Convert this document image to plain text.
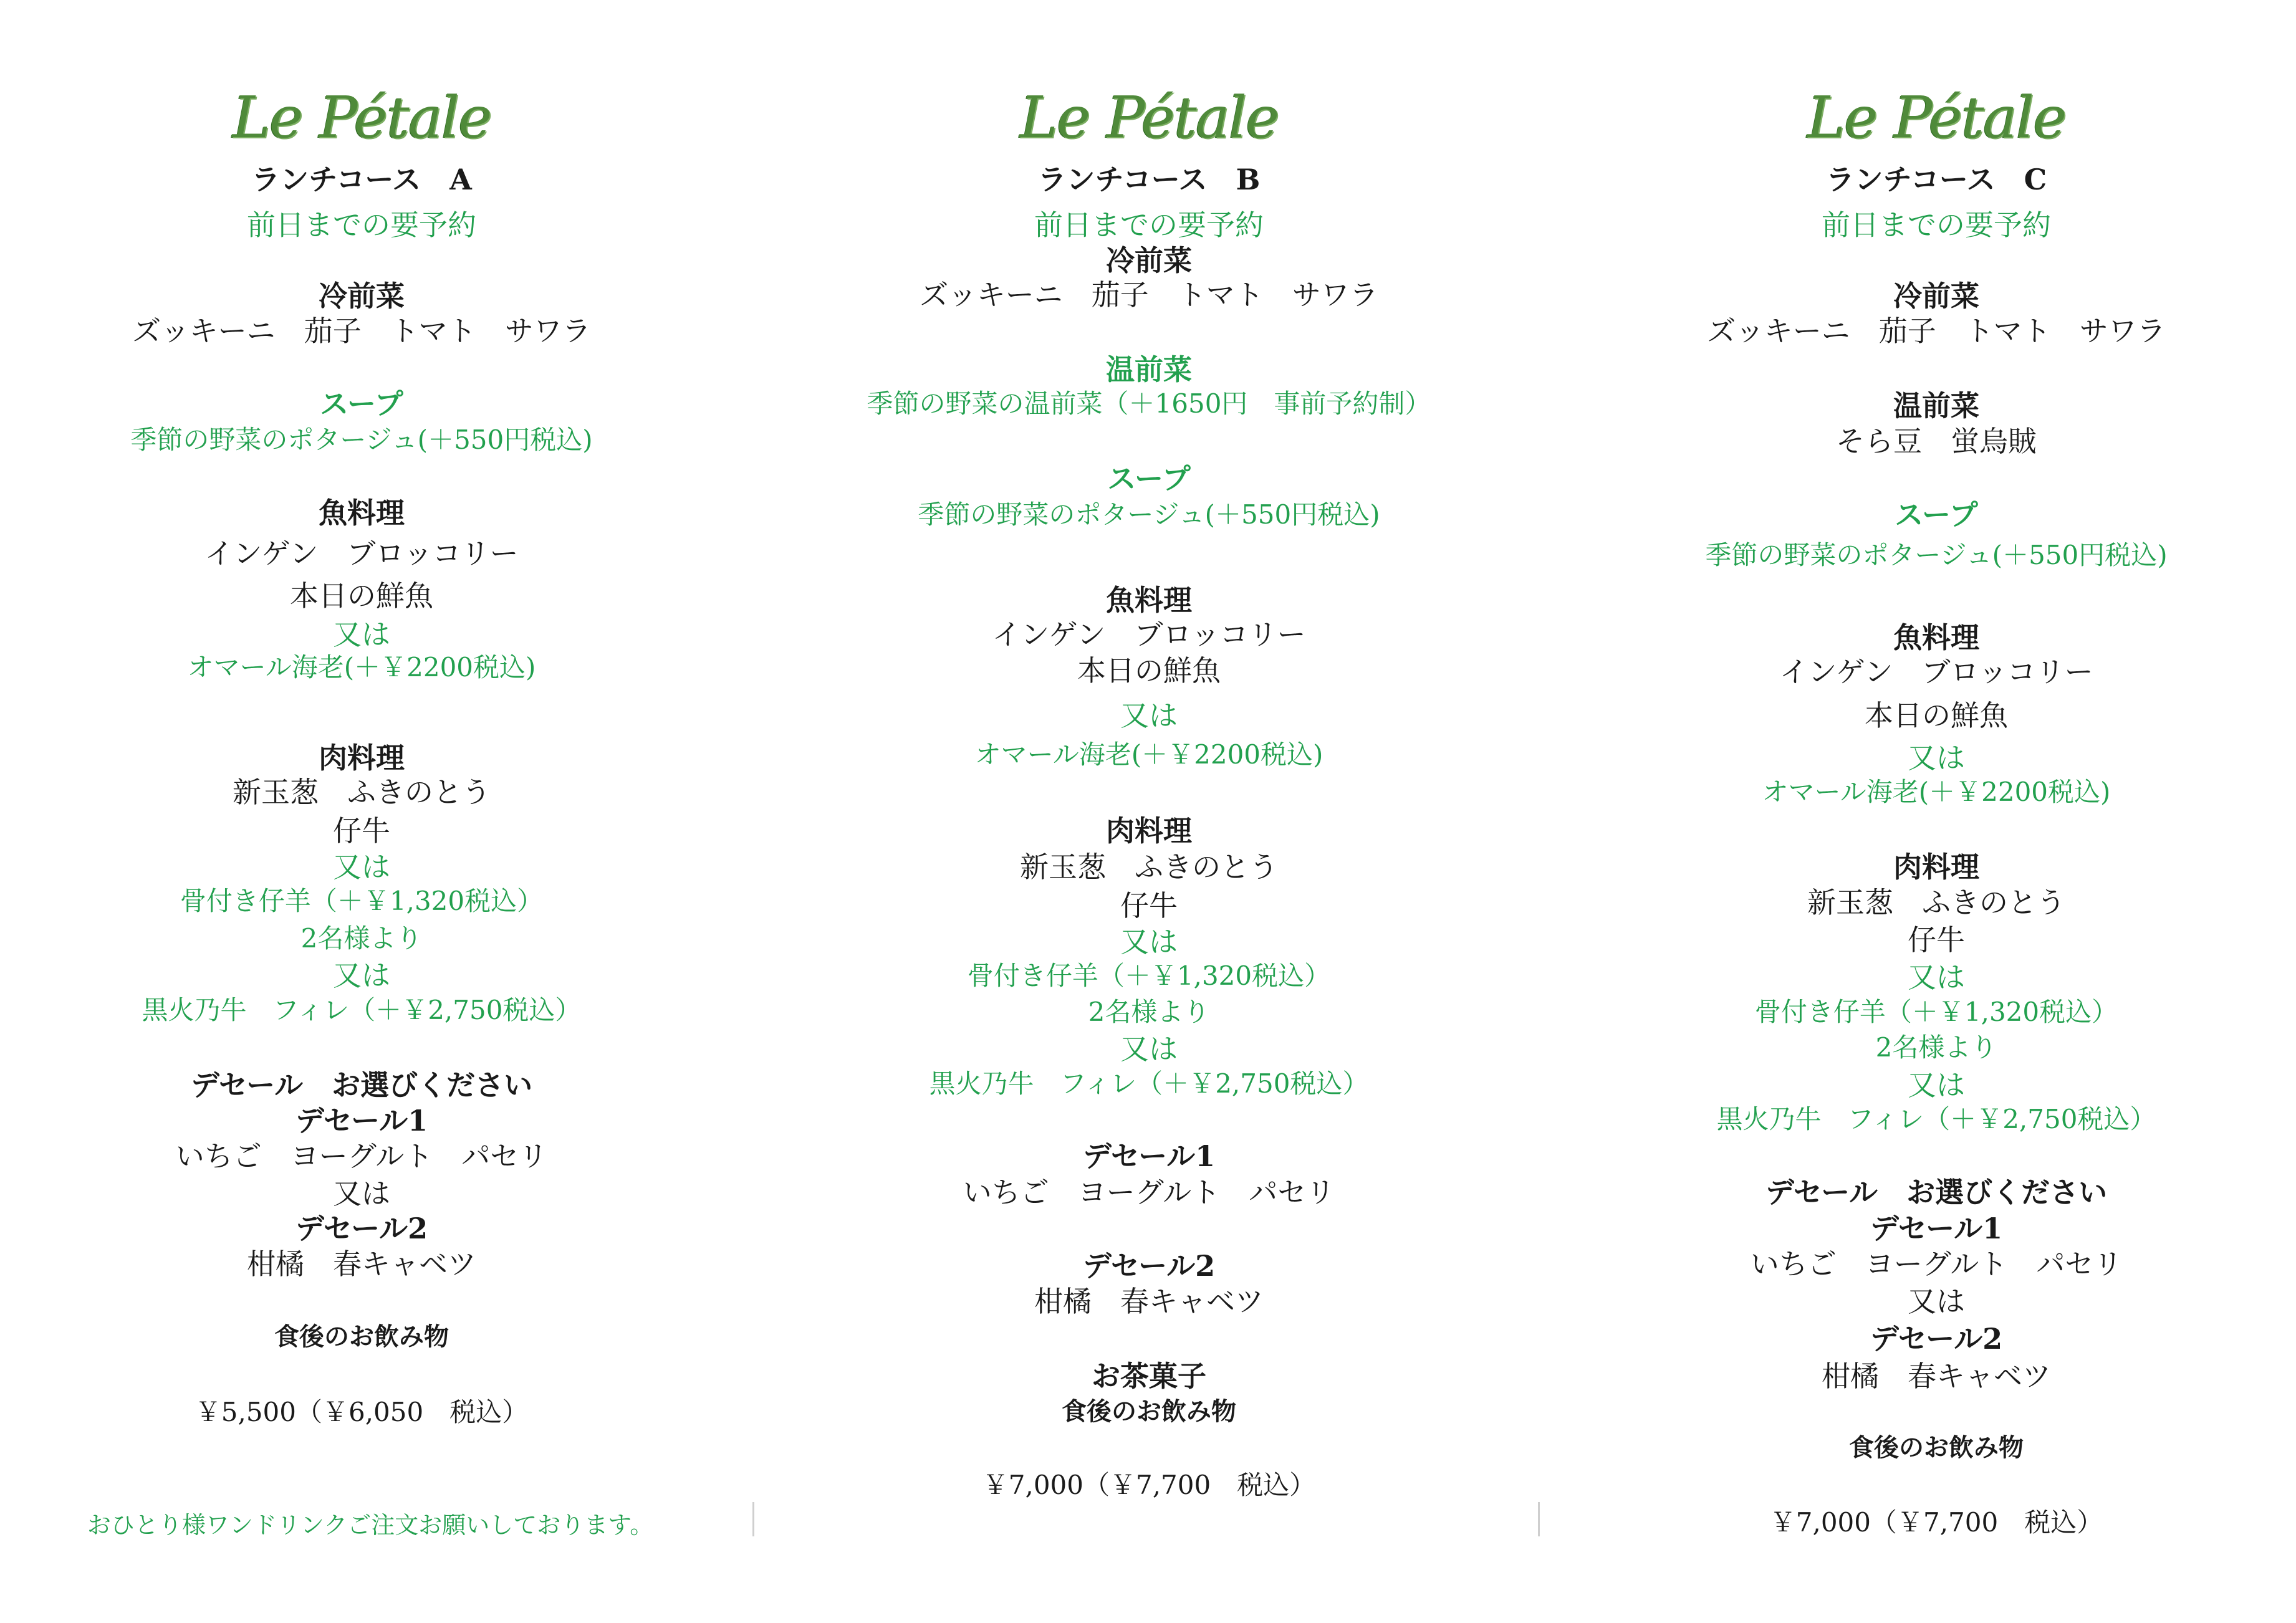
Le Pétale
ランチコース　A
前日までの要予約
冷前菜
ズッキーニ　茄子　トマト　サワラ
スープ
季節の野菜のポタージュ(＋550円税込)
魚料理
インゲン　ブロッコリー
本日の鮮魚
又は
オマール海老(＋￥2200税込)
肉料理
新玉葱　ふきのとう
仔牛
又は
骨付き仔羊（＋￥1,320税込）
2名様より
又は
黒火乃牛　フィレ（＋￥2,750税込）
デセール　お選びください
デセール1
いちご　ヨーグルト　パセリ
又は
デセール2
柑橘　春キャベツ
食後のお飲み物
￥5,500（￥6,050　税込）
Le Pétale
ランチコース　B
前日までの要予約
冷前菜
ズッキーニ　茄子　トマト　サワラ
温前菜
季節の野菜の温前菜（＋1650円　事前予約制）
スープ
季節の野菜のポタージュ(＋550円税込)
魚料理
インゲン　ブロッコリー
本日の鮮魚
又は
オマール海老(＋￥2200税込)
肉料理
新玉葱　ふきのとう
仔牛
又は
骨付き仔羊（＋￥1,320税込）
2名様より
又は
黒火乃牛　フィレ（＋￥2,750税込）
デセール1
いちご　ヨーグルト　パセリ
デセール2
柑橘　春キャベツ
お茶菓子
食後のお飲み物
￥7,000（￥7,700　税込）
Le Pétale
ランチコース　C
前日までの要予約
冷前菜
ズッキーニ　茄子　トマト　サワラ
温前菜
そら豆　蛍烏賊
スープ
季節の野菜のポタージュ(＋550円税込)
魚料理
インゲン　ブロッコリー
本日の鮮魚
又は
オマール海老(＋￥2200税込)
肉料理
新玉葱　ふきのとう
仔牛
又は
骨付き仔羊（＋￥1,320税込）
2名様より
又は
黒火乃牛　フィレ（＋￥2,750税込）
デセール　お選びください
デセール1
いちご　ヨーグルト　パセリ
又は
デセール2
柑橘　春キャベツ
食後のお飲み物
￥7,000（￥7,700　税込）
おひとり様ワンドリンクご注文お願いしております。
